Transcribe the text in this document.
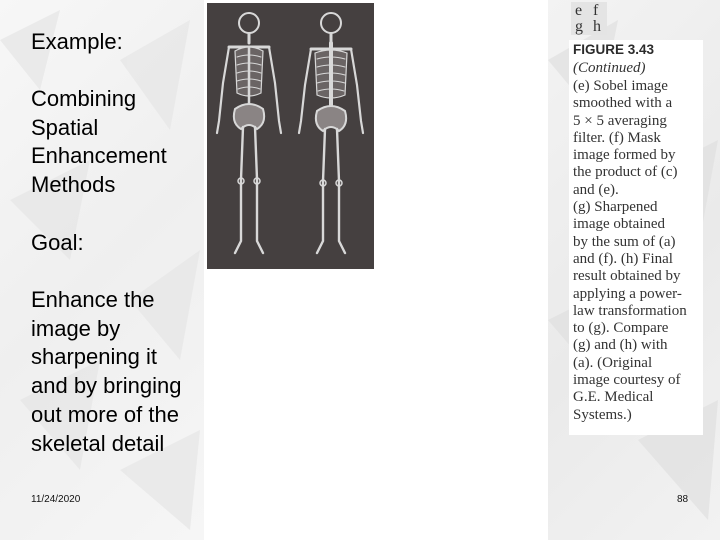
Example:
Combining
Spatial
Enhancement
Methods
Goal:
Enhance the
image by
sharpening it
and by bringing
out more of the
skeletal detail
e f
g h
FIGURE 3.43
(Continued)
(e) Sobel image
smoothed with a
5 × 5 averaging
filter. (f) Mask
image formed by
the product of (c)
and (e).
(g) Sharpened
image obtained
by the sum of (a)
and (f). (h) Final
result obtained by
applying a power-
law transformation
to (g). Compare
(g) and (h) with
(a). (Original
image courtesy of
G.E. Medical
Systems.)
11/24/2020	88
